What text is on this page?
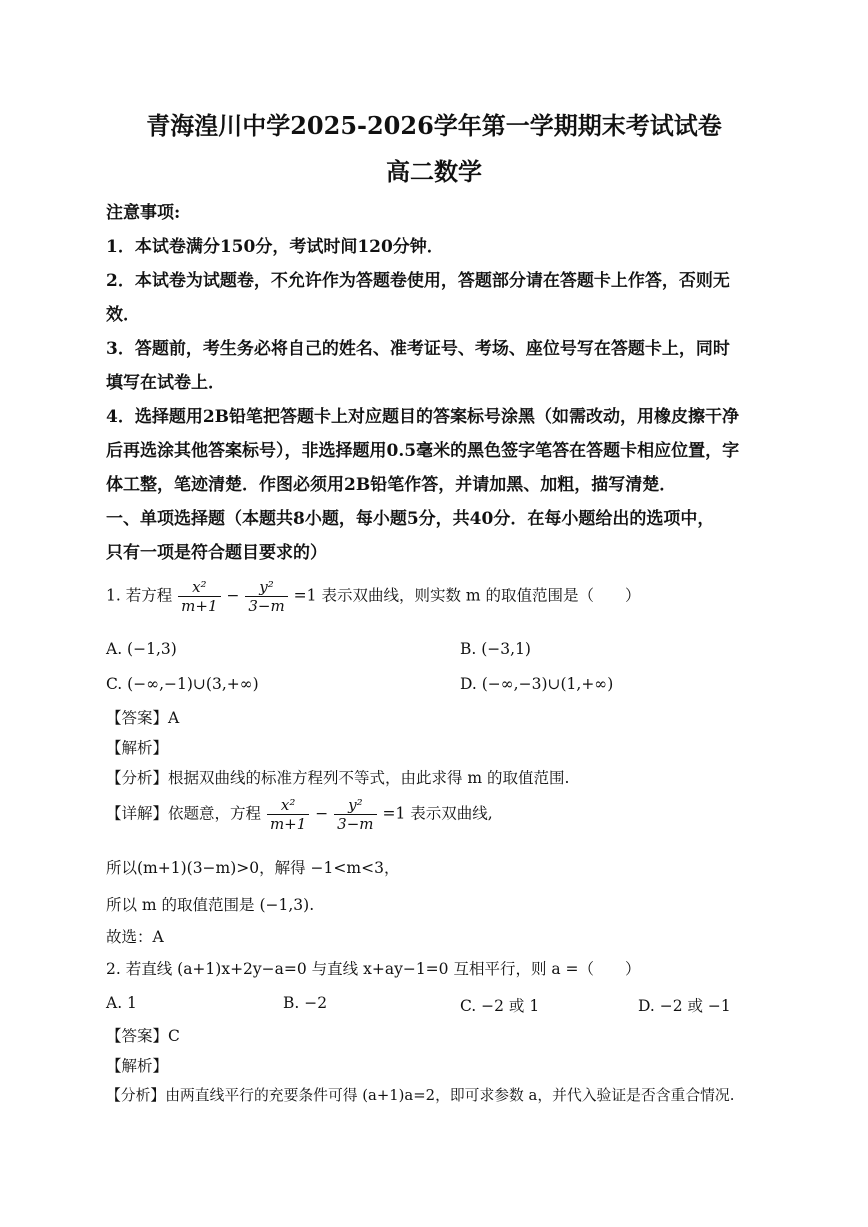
青海湟川中学2025-2026学年第一学期期末考试试卷
高二数学
注意事项:
1．本试卷满分150分，考试时间120分钟．
2．本试卷为试题卷，不允许作为答题卷使用，答题部分请在答题卡上作答，否则无
效．
3．答题前，考生务必将自己的姓名、准考证号、考场、座位号写在答题卡上，同时
填写在试卷上．
4．选择题用2B铅笔把答题卡上对应题目的答案标号涂黑（如需改动，用橡皮擦干净
后再选涂其他答案标号），非选择题用0.5毫米的黑色签字笔答在答题卡相应位置，字
体工整，笔迹清楚．作图必须用2B铅笔作答，并请加黑、加粗，描写清楚．
一、单项选择题（本题共8小题，每小题5分，共40分．在每小题给出的选项中，
只有一项是符合题目要求的）
1. 若方程 $\frac{\text{x²}}{m+1} - \frac{\text{y²}}{3-m} =1$ 表示双曲线，则实数 m 的取值范围是（　　）
A. (−1,3)	B. (−3,1)
C. (−∞,−1)∪(3,+∞)	D. (−∞,−3)∪(1,+∞)
【答案】A
【解析】
【分析】根据双曲线的标准方程列不等式，由此求得 m 的取值范围.
【详解】依题意，方程 $\frac{\text{x²}}{m+1} - \frac{\text{y²}}{3-m} =1$ 表示双曲线,
所以(m+1)(3−m)>0，解得 −1<m<3，
所以 m 的取值范围是 (−1,3).
故选：A
2. 若直线 (a+1)x+2y−a=0 与直线 x+ay−1=0 互相平行，则 a =（　　）
A. 1	B. −2	C. −2 或 1	D. −2 或 −1
【答案】C
【解析】
【分析】由两直线平行的充要条件可得 (a+1)a=2，即可求参数 a，并代入验证是否含重合情况.
